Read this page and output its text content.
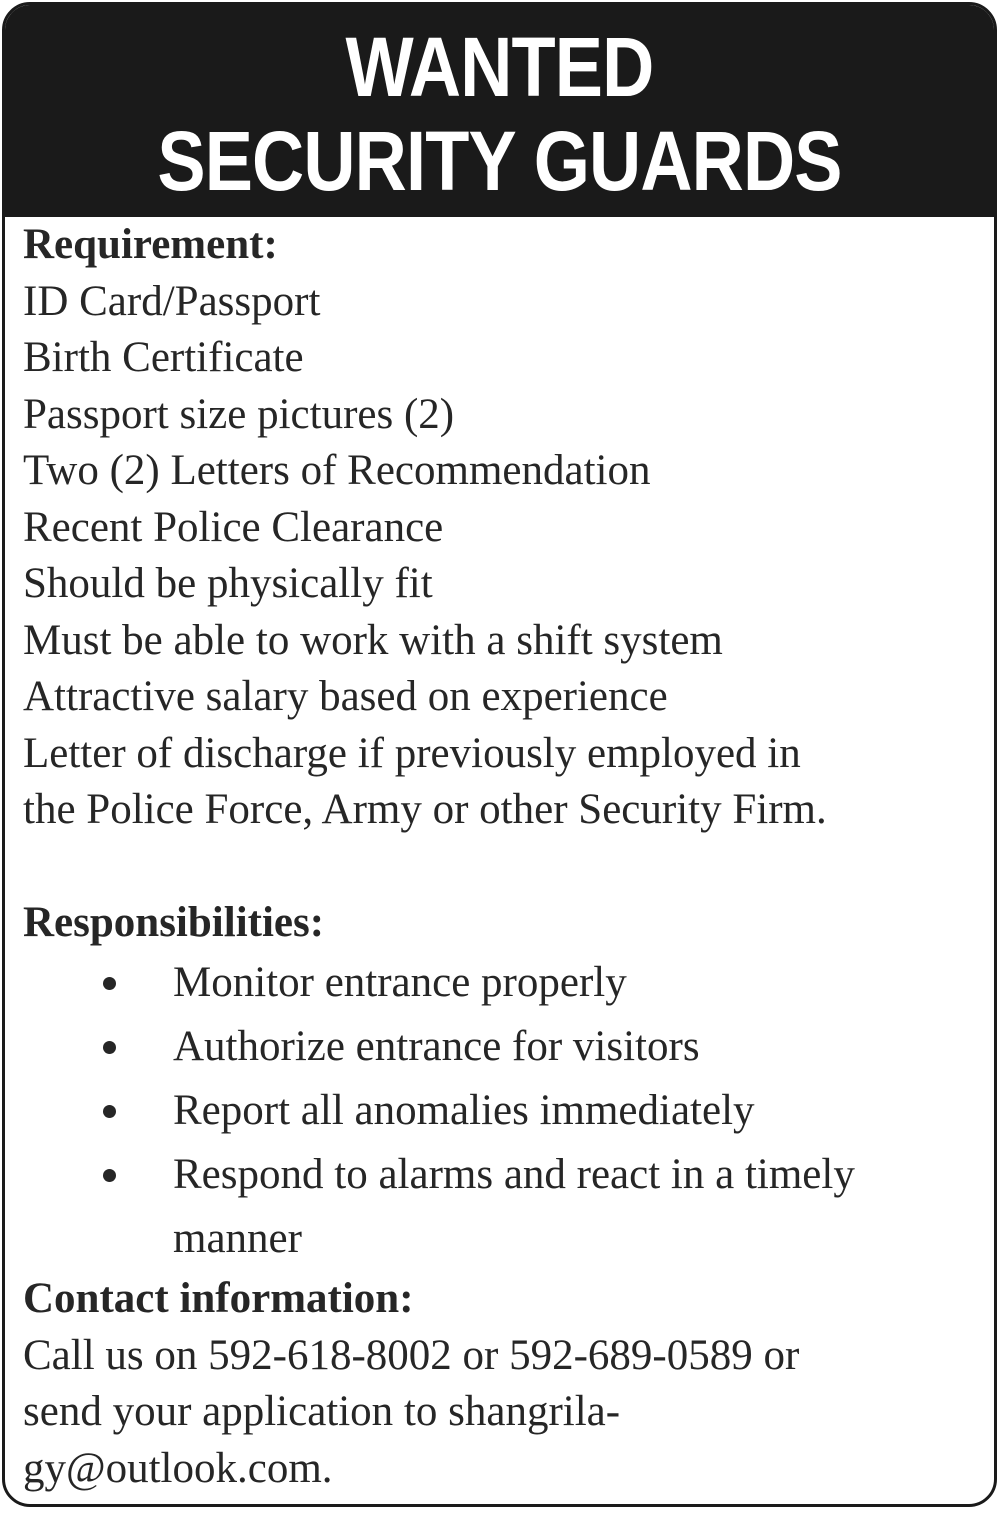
WANTED
SECURITY GUARDS
Requirement:
ID Card/Passport
Birth Certificate
Passport size pictures (2)
Two (2) Letters of Recommendation
Recent Police Clearance
Should be physically fit
Must be able to work with a shift system
Attractive salary based on experience
Letter of discharge if previously employed in
the Police Force, Army or other Security Firm.
Responsibilities:
Monitor entrance properly
Authorize entrance for visitors
Report all anomalies immediately
Respond to alarms and react in a timely
manner
Contact information:
Call us on 592-618-8002 or 592-689-0589 or
send your application to shangrila-
gy@outlook.com.
